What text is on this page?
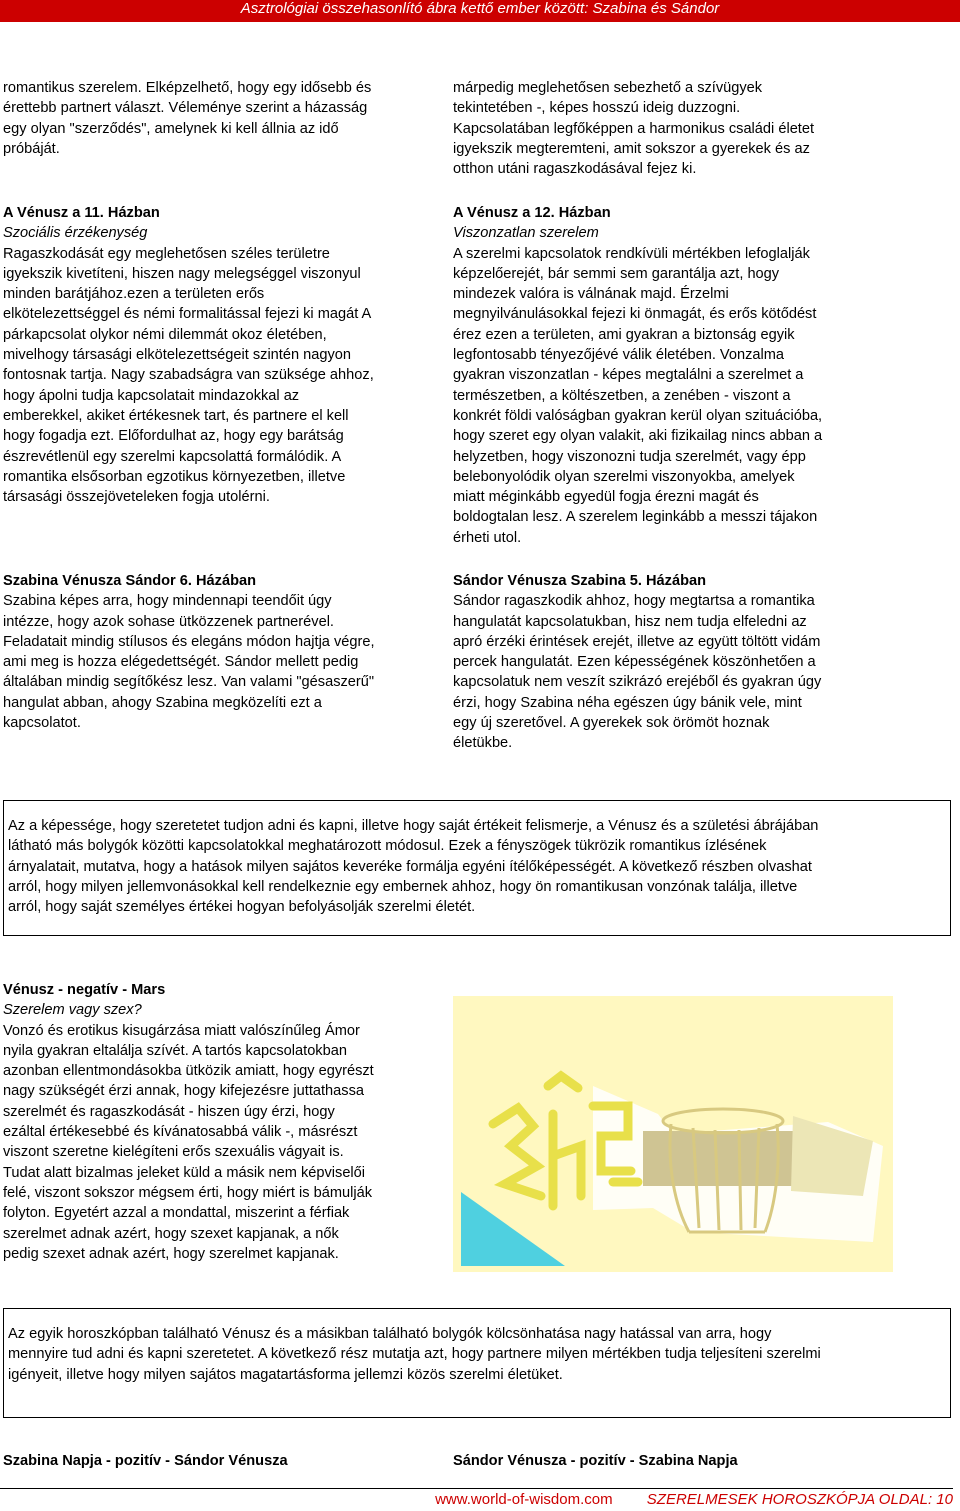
Asztrológiai összehasonlító ábra kettő ember között: Szabina és Sándor

romantikus szerelem. Elképzelhető, hogy egy idősebb és

érettebb partnert választ. Véleménye szerint a házasság

egy olyan "szerződés", amelynek ki kell állnia az idő

próbáját.

márpedig meglehetősen sebezhető a szívügyek

tekintetében -, képes hosszú ideig duzzogni.

Kapcsolatában legfőképpen a harmonikus családi életet

igyekszik megteremteni, amit sokszor a gyerekek és az

otthon utáni ragaszkodásával fejez ki.

A Vénusz a 11. Házban

Szociális érzékenység

Ragaszkodását egy meglehetősen széles területre

igyekszik kivetíteni, hiszen nagy melegséggel viszonyul

minden barátjához.ezen a területen erős

elkötelezettséggel és némi formalitással fejezi ki magát A

párkapcsolat olykor némi dilemmát okoz életében,

mivelhogy társasági elkötelezettségeit szintén nagyon

fontosnak tartja. Nagy szabadságra van szüksége ahhoz,

hogy ápolni tudja kapcsolatait mindazokkal az

emberekkel, akiket értékesnek tart, és partnere el kell

hogy fogadja ezt. Előfordulhat az, hogy egy barátság

észrevétlenül egy szerelmi kapcsolattá formálódik. A

romantika elsősorban egzotikus környezetben, illetve

társasági összejöveteleken fogja utolérni.

A Vénusz a 12. Házban

Viszonzatlan szerelem

A szerelmi kapcsolatok rendkívüli mértékben lefoglalják

képzelőerejét, bár semmi sem garantálja azt, hogy

mindezek valóra is válnának majd. Érzelmi

megnyilvánulásokkal fejezi ki önmagát, és erős kötődést

érez ezen a területen, ami gyakran a biztonság egyik

legfontosabb tényezőjévé válik életében. Vonzalma

gyakran viszonzatlan - képes megtalálni a szerelmet a

természetben, a költészetben, a zenében - viszont a

konkrét földi valóságban gyakran kerül olyan szituációba,

hogy szeret egy olyan valakit, aki fizikailag nincs abban a

helyzetben, hogy viszonozni tudja szerelmét, vagy épp

belebonyolódik olyan szerelmi viszonyokba, amelyek

miatt méginkább egyedül fogja érezni magát és

boldogtalan lesz. A szerelem leginkább a messzi tájakon

érheti utol.

Szabina Vénusza Sándor 6. Házában

Szabina képes arra, hogy mindennapi teendőit úgy

intézze, hogy azok sohase ütközzenek partnerével.

Feladatait mindig stílusos és elegáns módon hajtja végre,

ami meg is hozza elégedettségét. Sándor mellett pedig

általában mindig segítőkész lesz. Van valami "gésaszerű"

hangulat abban, ahogy Szabina megközelíti ezt a

kapcsolatot.

Sándor Vénusza Szabina 5. Házában

Sándor ragaszkodik ahhoz, hogy megtartsa a romantika

hangulatát kapcsolatukban, hisz nem tudja elfeledni az

apró érzéki érintések erejét, illetve az együtt töltött vidám

percek hangulatát. Ezen képességének köszönhetően a

kapcsolatuk nem veszít szikrázó erejéből és gyakran úgy

érzi, hogy Szabina néha egészen úgy bánik vele, mint

egy új szeretővel. A gyerekek sok örömöt hoznak

életükbe.

Az a képessége, hogy szeretetet tudjon adni és kapni, illetve hogy saját értékeit felismerje, a Vénusz és a születési ábrájában

látható más bolygók közötti kapcsolatokkal meghatározott módosul. Ezek a fényszögek tükrözik romantikus ízlésének

árnyalatait, mutatva, hogy a hatások milyen sajátos keveréke formálja egyéni ítélőképességét. A következő részben olvashat

arról, hogy milyen jellemvonásokkal kell rendelkeznie egy embernek ahhoz, hogy ön romantikusan vonzónak találja, illetve

arról, hogy saját személyes értékei hogyan befolyásolják szerelmi életét.

Vénusz - negatív - Mars

Szerelem vagy szex?

Vonzó és erotikus kisugárzása miatt valószínűleg Ámor

nyila gyakran eltalálja szívét. A tartós kapcsolatokban

azonban ellentmondásokba ütközik amiatt, hogy egyrészt

nagy szükségét érzi annak, hogy kifejezésre juttathassa

szerelmét és ragaszkodását - hiszen úgy érzi, hogy

ezáltal értékesebbé és kívánatosabbá válik -, másrészt

viszont szeretne kielégíteni erős szexuális vágyait is.

Tudat alatt bizalmas jeleket küld a másik nem képviselői

felé, viszont sokszor mégsem érti, hogy miért is bámulják

folyton. Egyetért azzal a mondattal, miszerint a férfiak

szerelmet adnak azért, hogy szexet kapjanak, a nők

pedig szexet adnak azért, hogy szerelmet kapjanak.

Az egyik horoszkópban található Vénusz és a másikban található bolygók kölcsönhatása nagy hatással van arra, hogy

mennyire tud adni és kapni szeretetet. A következő rész mutatja azt, hogy partnere milyen mértékben tudja teljesíteni szerelmi

igényeit, illetve hogy milyen sajátos magatartásforma jellemzi közös szerelmi életüket.

Szabina Napja - pozitív - Sándor Vénusza	Sándor Vénusza - pozitív - Szabina Napja

www.world-of-wisdom.com SZERELMESEK HOROSZKÓPJA OLDAL: 10
